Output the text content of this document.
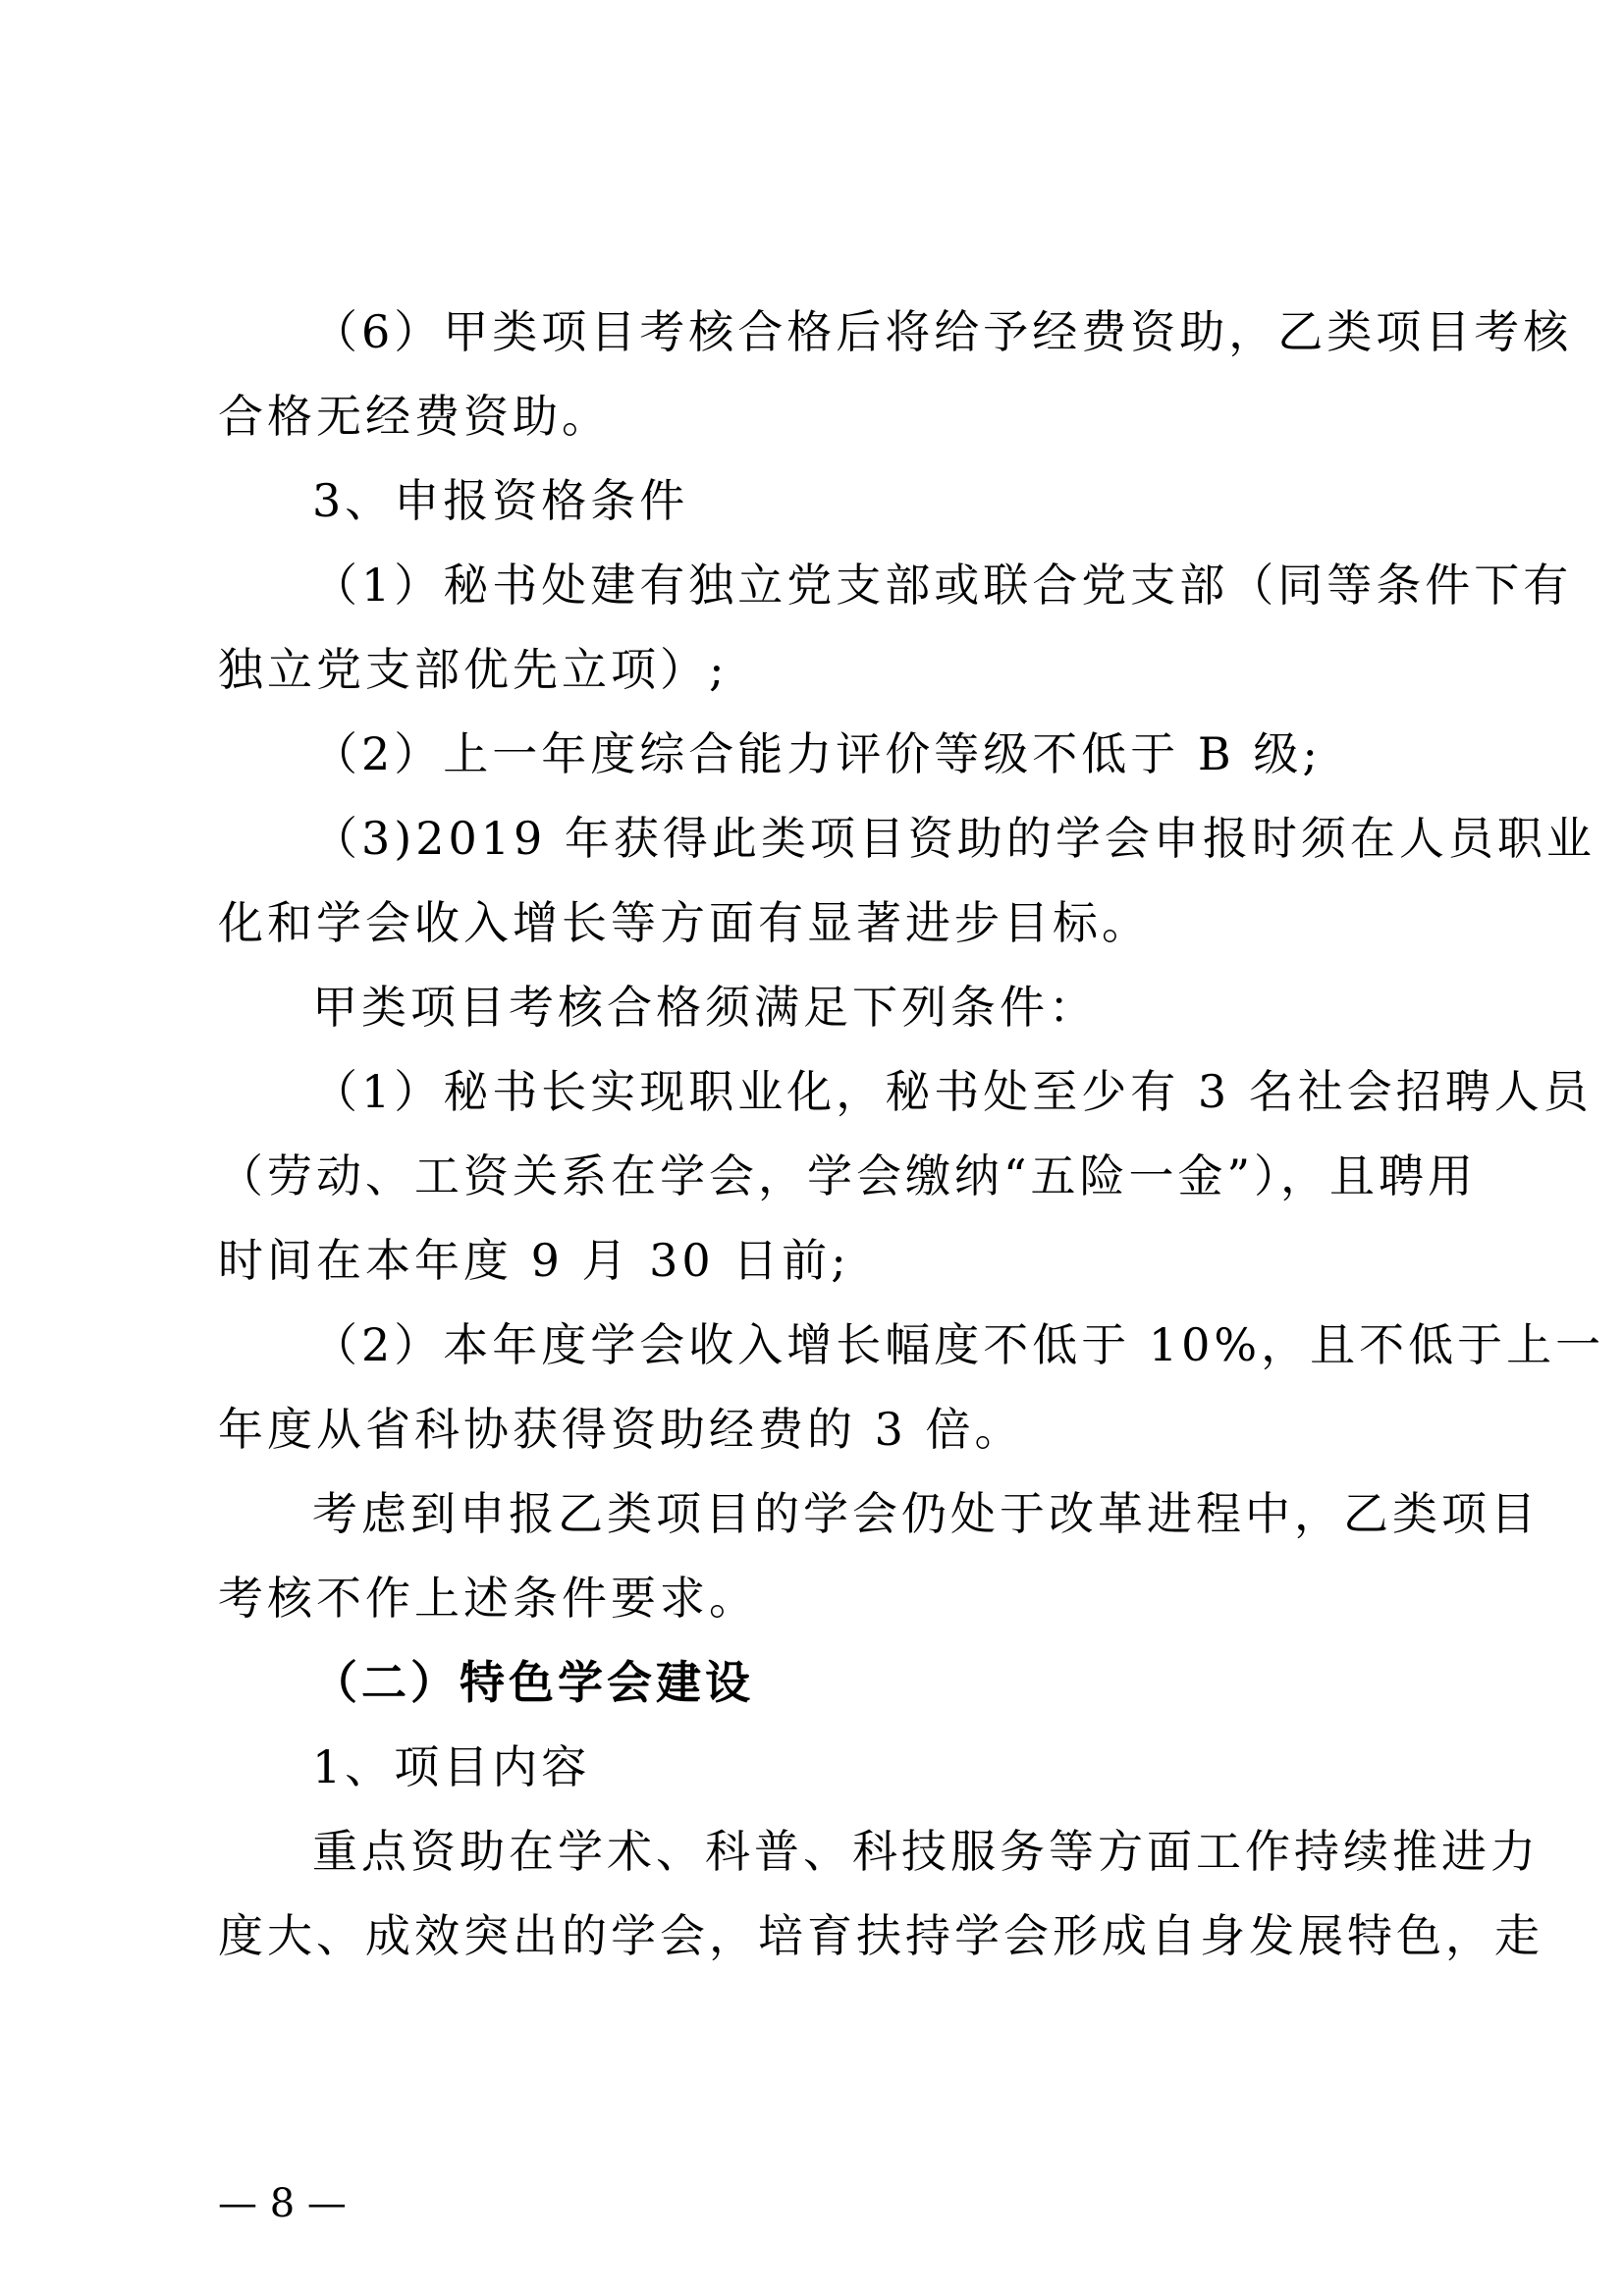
（6）甲类项目考核合格后将给予经费资助，乙类项目考核
合格无经费资助。
3、申报资格条件
（1）秘书处建有独立党支部或联合党支部（同等条件下有
独立党支部优先立项）;
（2）上一年度综合能力评价等级不低于 B 级;
（3)2019 年获得此类项目资助的学会申报时须在人员职业
化和学会收入增长等方面有显著进步目标。
甲类项目考核合格须满足下列条件：
（1）秘书长实现职业化，秘书处至少有 3 名社会招聘人员
（劳动、工资关系在学会，学会缴纳“五险一金”），且聘用
时间在本年度 9 月 30 日前;
（2）本年度学会收入增长幅度不低于 10%，且不低于上一
年度从省科协获得资助经费的 3 倍。
考虑到申报乙类项目的学会仍处于改革进程中，乙类项目
考核不作上述条件要求。
（二）特色学会建设
1、项目内容
重点资助在学术、科普、科技服务等方面工作持续推进力
度大、成效突出的学会，培育扶持学会形成自身发展特色，走
— 8 —
